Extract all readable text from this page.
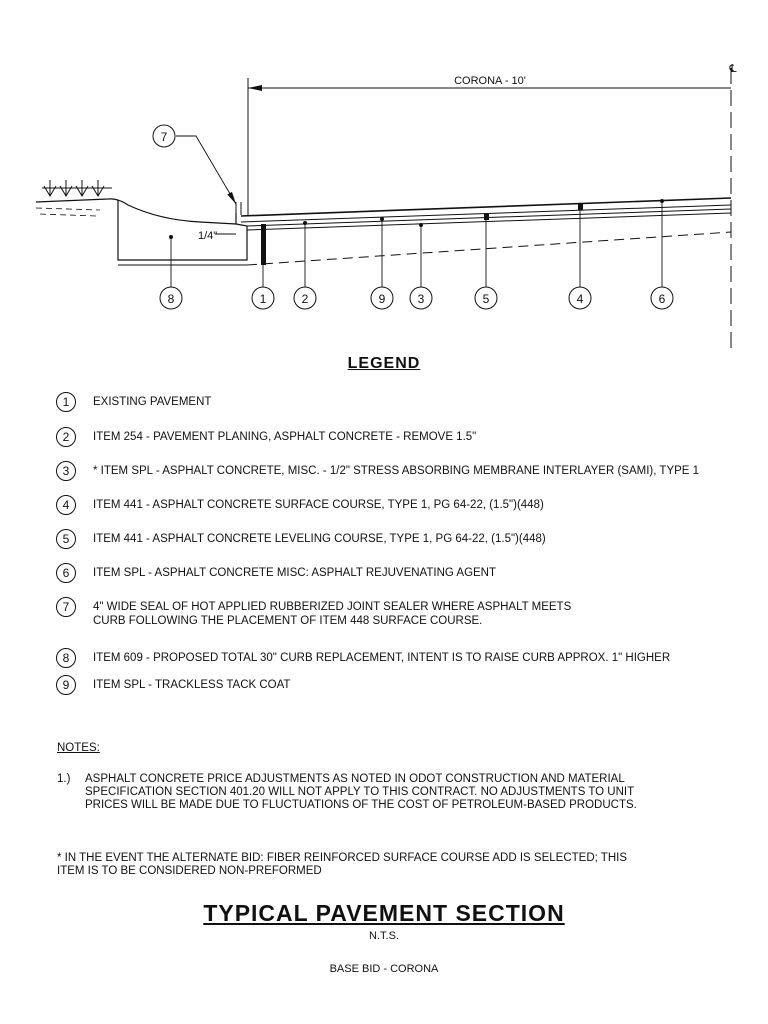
CORONA - 10'
℄
1/4"
7
8	1	2	9	3	5	4	6
LEGEND
1	EXISTING PAVEMENT
2	ITEM 254 - PAVEMENT PLANING, ASPHALT CONCRETE - REMOVE 1.5"
3	* ITEM SPL - ASPHALT CONCRETE, MISC. - 1/2" STRESS ABSORBING MEMBRANE INTERLAYER (SAMI), TYPE 1
4	ITEM 441 - ASPHALT CONCRETE SURFACE COURSE, TYPE 1, PG 64-22, (1.5")(448)
5	ITEM 441 - ASPHALT CONCRETE LEVELING COURSE, TYPE 1, PG 64-22, (1.5")(448)
6	ITEM SPL - ASPHALT CONCRETE MISC: ASPHALT REJUVENATING AGENT
7	4" WIDE SEAL OF HOT APPLIED RUBBERIZED JOINT SEALER WHERE ASPHALT MEETS
CURB FOLLOWING THE PLACEMENT OF ITEM 448 SURFACE COURSE.
8	ITEM 609 - PROPOSED TOTAL 30" CURB REPLACEMENT, INTENT IS TO RAISE CURB APPROX. 1" HIGHER
9	ITEM SPL - TRACKLESS TACK COAT
NOTES:
1.)	ASPHALT CONCRETE PRICE ADJUSTMENTS AS NOTED IN ODOT CONSTRUCTION AND MATERIAL SPECIFICATION SECTION 401.20 WILL NOT APPLY TO THIS CONTRACT. NO ADJUSTMENTS TO UNIT PRICES WILL BE MADE DUE TO FLUCTUATIONS OF THE COST OF PETROLEUM-BASED PRODUCTS.
* IN THE EVENT THE ALTERNATE BID: FIBER REINFORCED SURFACE COURSE ADD IS SELECTED; THIS ITEM IS TO BE CONSIDERED NON-PREFORMED
TYPICAL PAVEMENT SECTION
N.T.S.
BASE BID - CORONA
